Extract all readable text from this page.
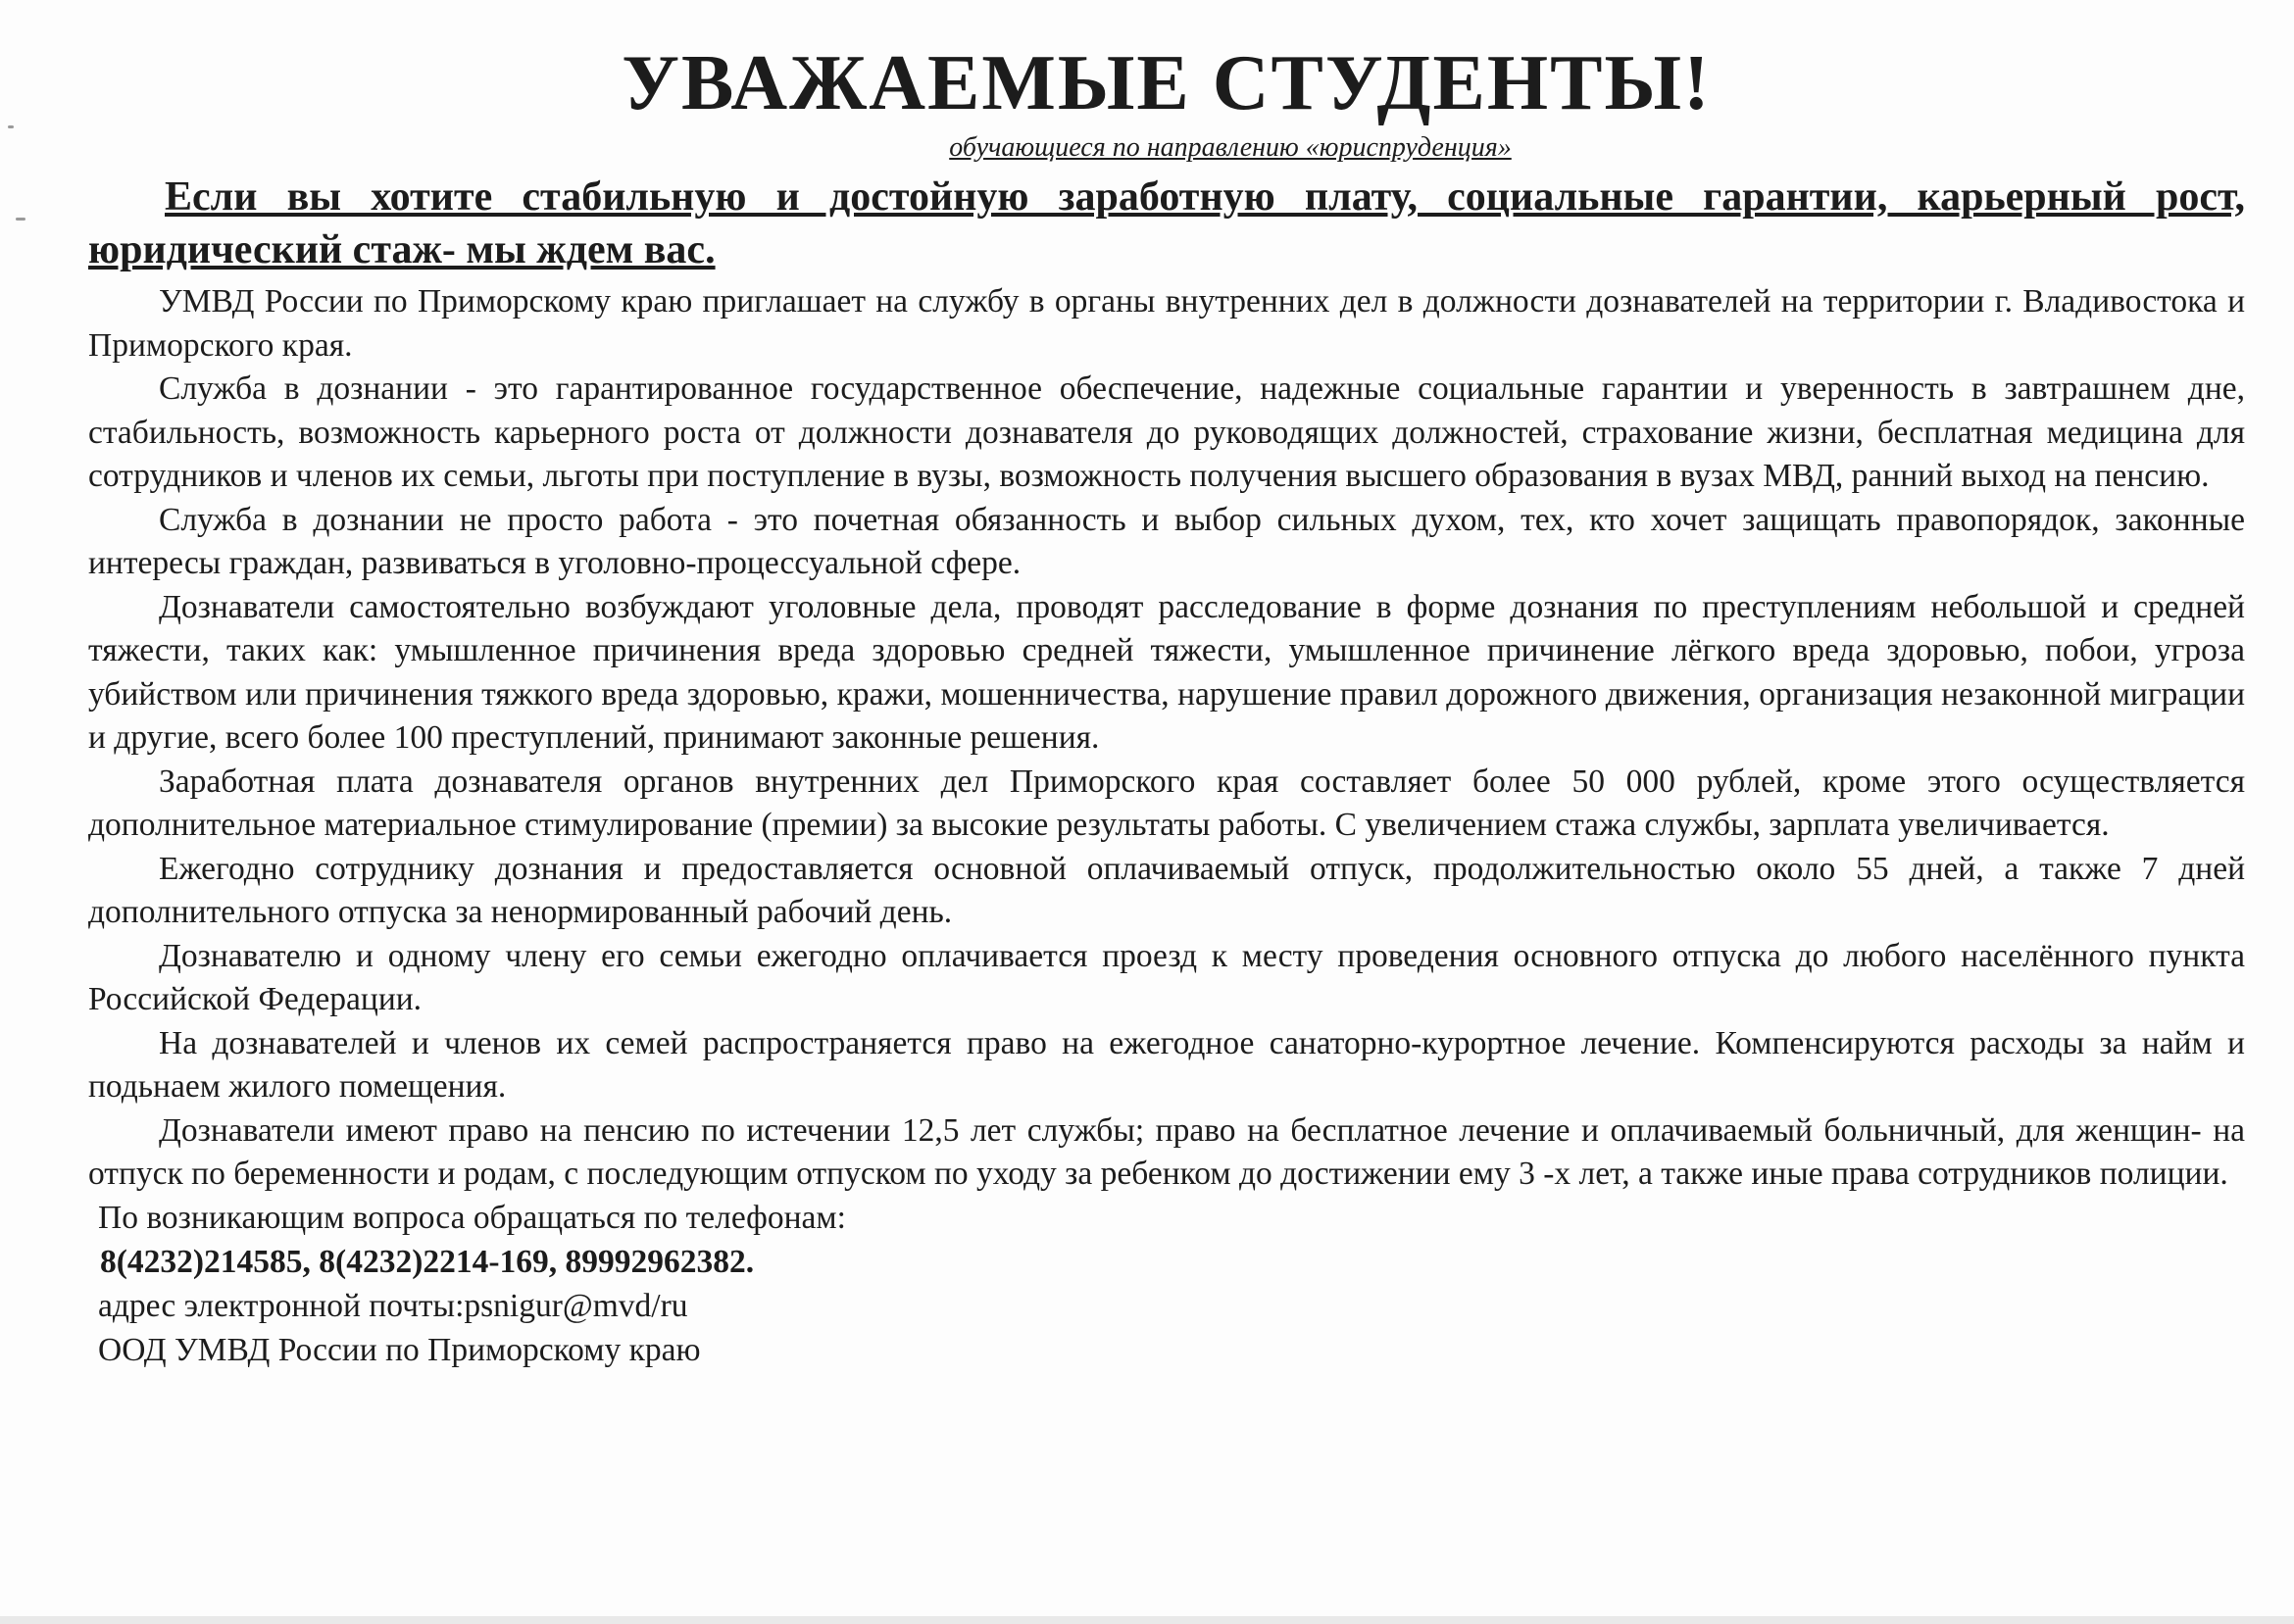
УВАЖАЕМЫЕ СТУДЕНТЫ!
обучающиеся по направлению «юриспруденция»
Если вы хотите стабильную и достойную заработную плату, социальные гарантии, карьерный рост, юридический стаж- мы ждем вас.

УМВД России по Приморскому краю приглашает на службу в органы внутренних дел в должности дознавателей на территории г. Владивостока и Приморского края.

Служба в дознании - это гарантированное государственное обеспечение, надежные социальные гарантии и уверенность в завтрашнем дне, стабильность, возможность карьерного роста от должности дознавателя до руководящих должностей, страхование жизни, бесплатная медицина для сотрудников и членов их семьи, льготы при поступление в вузы, возможность получения высшего образования в вузах МВД, ранний выход на пенсию.

Служба в дознании не просто работа - это почетная обязанность и выбор сильных духом, тех, кто хочет защищать правопорядок, законные интересы граждан, развиваться в уголовно-процессуальной сфере.

Дознаватели самостоятельно возбуждают уголовные дела, проводят расследование в форме дознания по преступлениям небольшой и средней тяжести, таких как: умышленное причинения вреда здоровью средней тяжести, умышленное причинение лёгкого вреда здоровью, побои, угроза убийством или причинения тяжкого вреда здоровью, кражи, мошенничества, нарушение правил дорожного движения, организация незаконной миграции и другие, всего более 100 преступлений, принимают законные решения.

Заработная плата дознавателя органов внутренних дел Приморского края составляет более 50 000 рублей, кроме этого осуществляется дополнительное материальное стимулирование (премии) за высокие результаты работы. С увеличением стажа службы, зарплата увеличивается.

Ежегодно сотруднику дознания и предоставляется основной оплачиваемый отпуск, продолжительностью около 55 дней, а также 7 дней дополнительного отпуска за ненормированный рабочий день.

Дознавателю и одному члену его семьи ежегодно оплачивается проезд к месту проведения основного отпуска до любого населённого пункта Российской Федерации.

На дознавателей и членов их семей распространяется право на ежегодное санаторно-курортное лечение. Компенсируются расходы за найм и подьнаем жилого помещения.

Дознаватели имеют право на пенсию по истечении 12,5 лет службы; право на бесплатное лечение и оплачиваемый больничный, для женщин- на отпуск по беременности и родам, с последующим отпуском по уходу за ребенком до достижении ему 3 -х лет, а также иные права сотрудников полиции.

По возникающим вопроса обращаться по телефонам:
8(4232)214585, 8(4232)2214-169, 89992962382.
адрес электронной почты:psnigur@mvd/ru
ООД УМВД России по Приморскому краю
